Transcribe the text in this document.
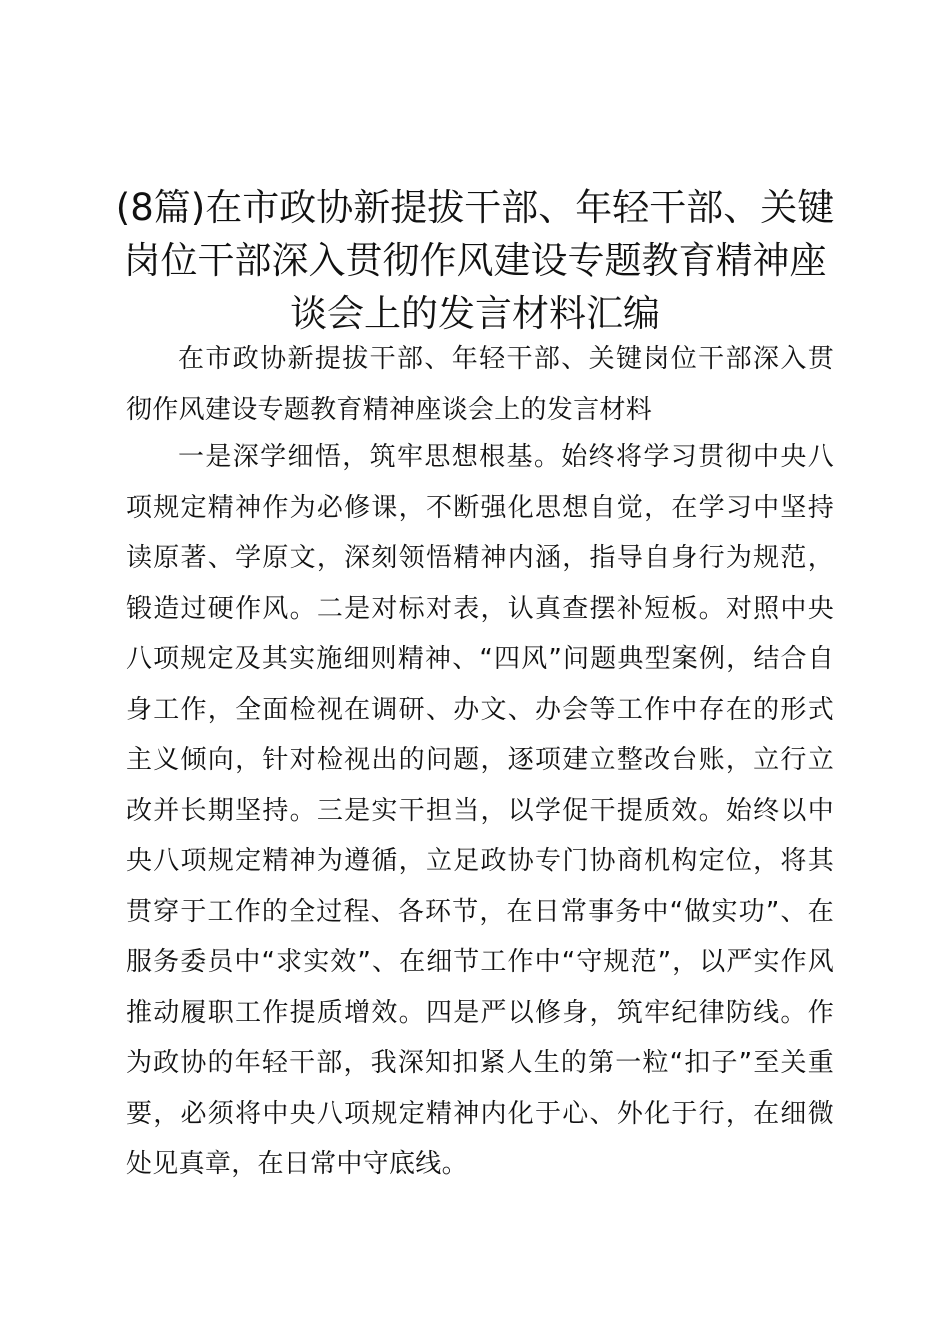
(8篇)在市政协新提拔干部、年轻干部、关键岗位干部深入贯彻作风建设专题教育精神座谈会上的发言材料汇编

在市政协新提拔干部、年轻干部、关键岗位干部深入贯彻作风建设专题教育精神座谈会上的发言材料

一是深学细悟，筑牢思想根基。始终将学习贯彻中央八项规定精神作为必修课，不断强化思想自觉，在学习中坚持读原著、学原文，深刻领悟精神内涵，指导自身行为规范，锻造过硬作风。二是对标对表，认真查摆补短板。对照中央八项规定及其实施细则精神、“四风”问题典型案例，结合自身工作，全面检视在调研、办文、办会等工作中存在的形式主义倾向，针对检视出的问题，逐项建立整改台账，立行立改并长期坚持。三是实干担当，以学促干提质效。始终以中央八项规定精神为遵循，立足政协专门协商机构定位，将其贯穿于工作的全过程、各环节，在日常事务中“做实功”、在服务委员中“求实效”、在细节工作中“守规范”，以严实作风推动履职工作提质增效。四是严以修身，筑牢纪律防线。作为政协的年轻干部，我深知扣紧人生的第一粒“扣子”至关重要，必须将中央八项规定精神内化于心、外化于行，在细微处见真章，在日常中守底线。
